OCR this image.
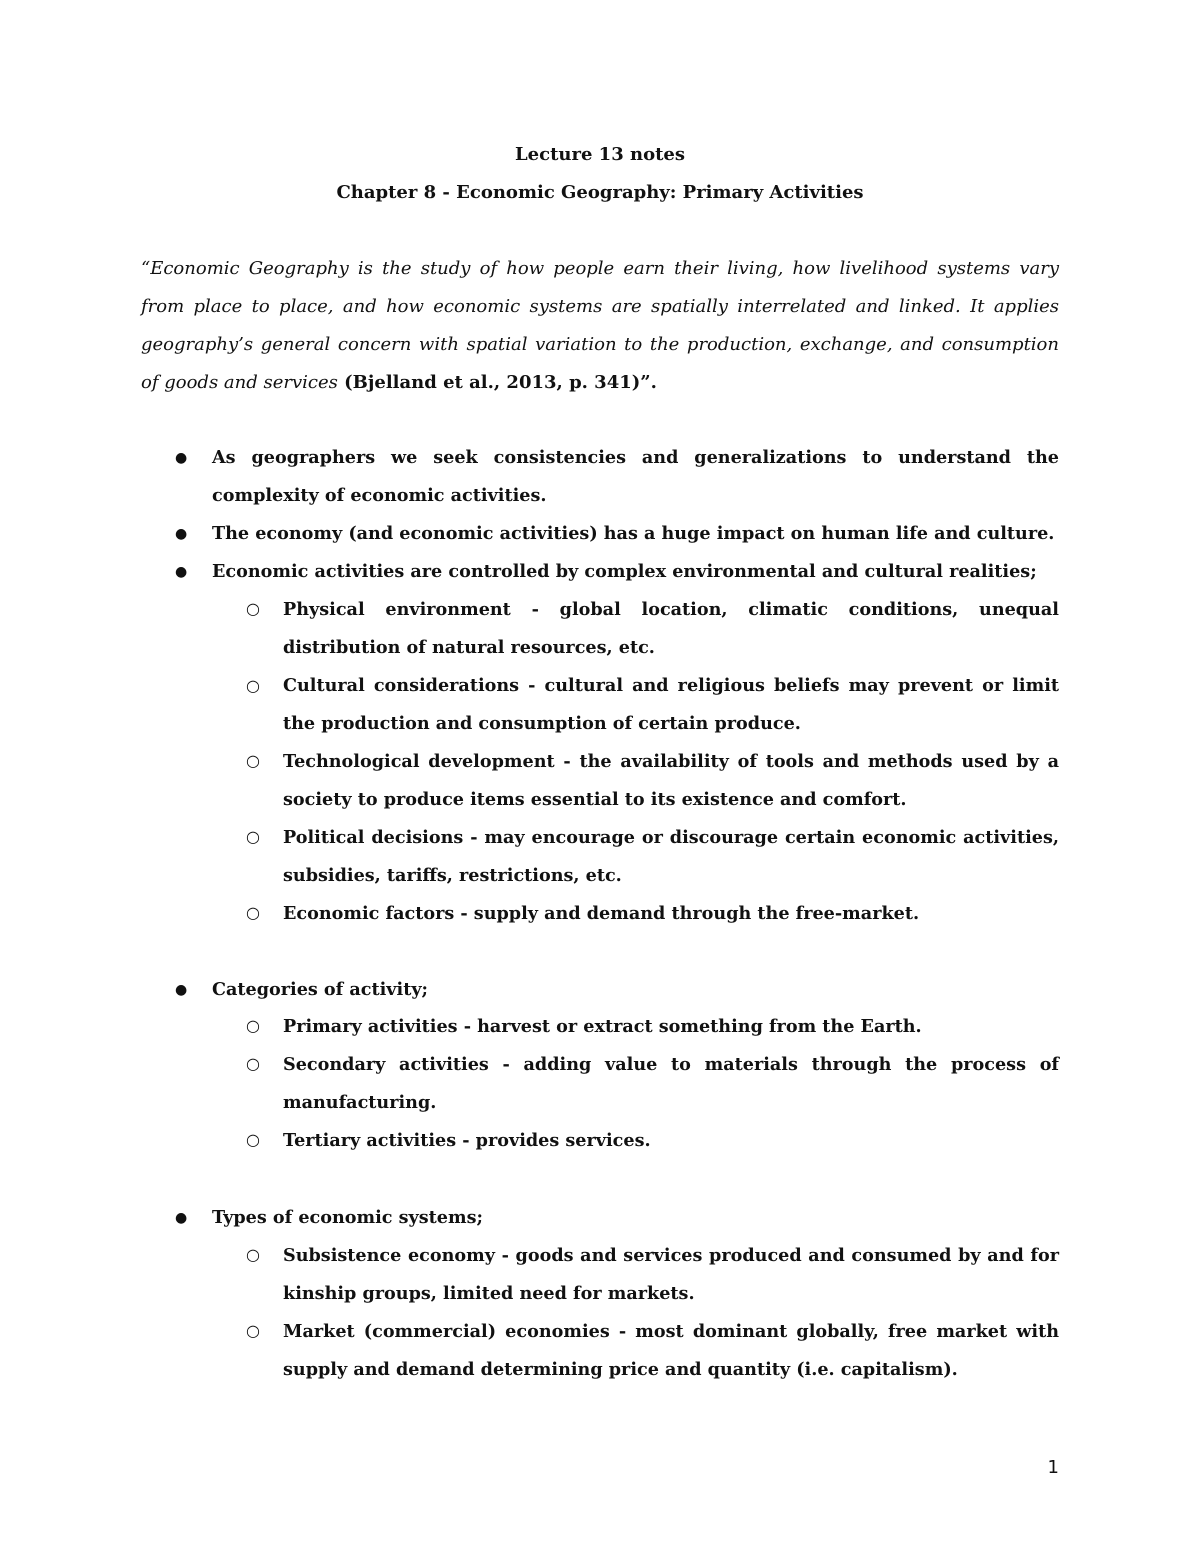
Lecture 13 notes
Chapter 8 - Economic Geography: Primary Activities
“Economic Geography is the study of how people earn their living, how livelihood systems vary from place to place, and how economic systems are spatially interrelated and linked. It applies geography’s general concern with spatial variation to the production, exchange, and consumption of goods and services (Bjelland et al., 2013, p. 341)”.
● As geographers we seek consistencies and generalizations to understand the complexity of economic activities.
● The economy (and economic activities) has a huge impact on human life and culture.
● Economic activities are controlled by complex environmental and cultural realities;
○ Physical environment - global location, climatic conditions, unequal distribution of natural resources, etc.
○ Cultural considerations - cultural and religious beliefs may prevent or limit the production and consumption of certain produce.
○ Technological development - the availability of tools and methods used by a society to produce items essential to its existence and comfort.
○ Political decisions - may encourage or discourage certain economic activities, subsidies, tariffs, restrictions, etc.
○ Economic factors - supply and demand through the free-market.
● Categories of activity;
○ Primary activities - harvest or extract something from the Earth.
○ Secondary activities - adding value to materials through the process of manufacturing.
○ Tertiary activities - provides services.
● Types of economic systems;
○ Subsistence economy - goods and services produced and consumed by and for kinship groups, limited need for markets.
○ Market (commercial) economies - most dominant globally, free market with supply and demand determining price and quantity (i.e. capitalism).
1
